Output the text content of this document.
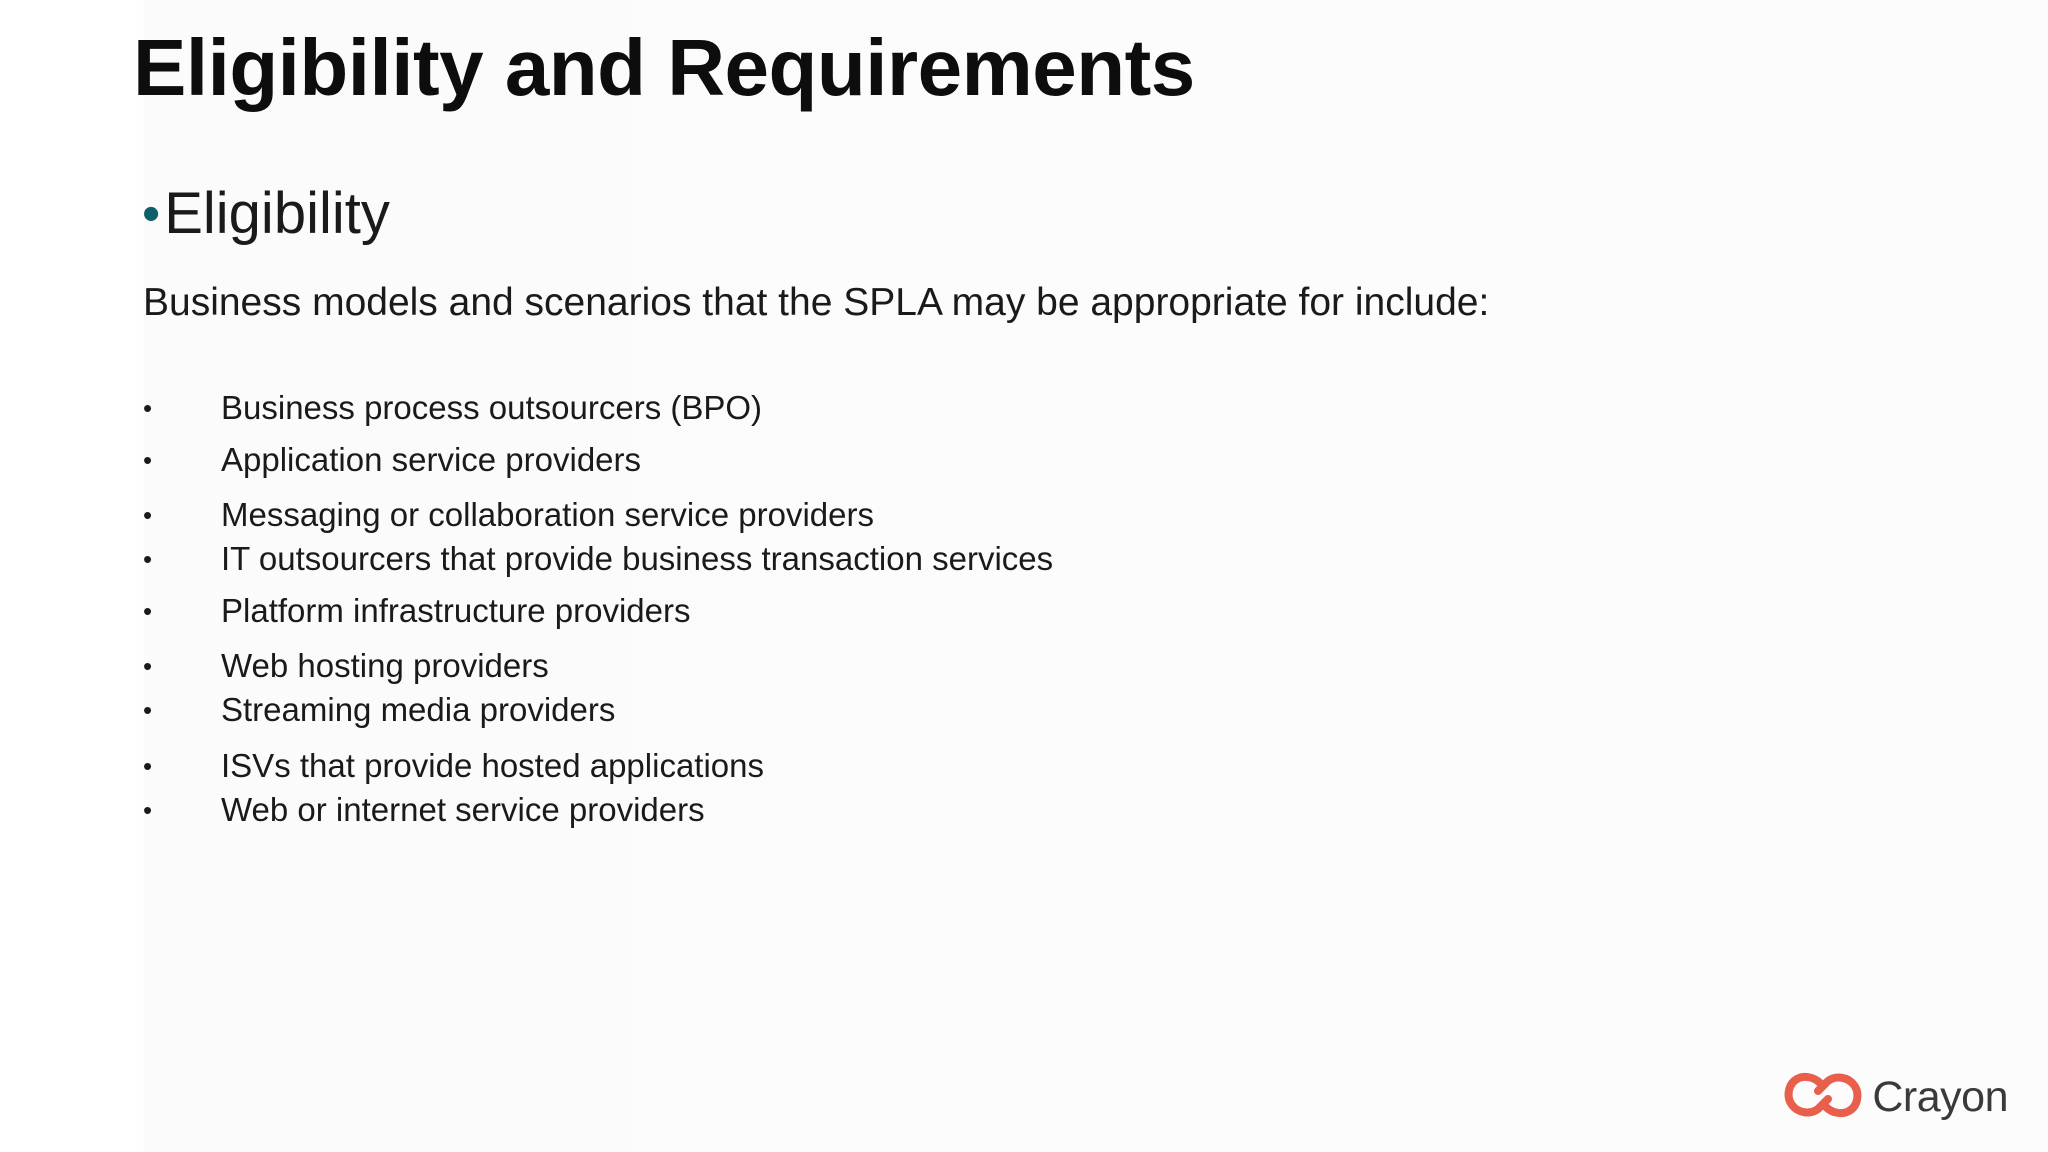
Eligibility and Requirements
• Eligibility
Business models and scenarios that the SPLA may be appropriate for include:
•	Business process outsourcers (BPO)
•	Application service providers
•	Messaging or collaboration service providers
•	IT outsourcers that provide business transaction services
•	Platform infrastructure providers
•	Web hosting providers
•	Streaming media providers
•	ISVs that provide hosted applications
•	Web or internet service providers
Crayon
